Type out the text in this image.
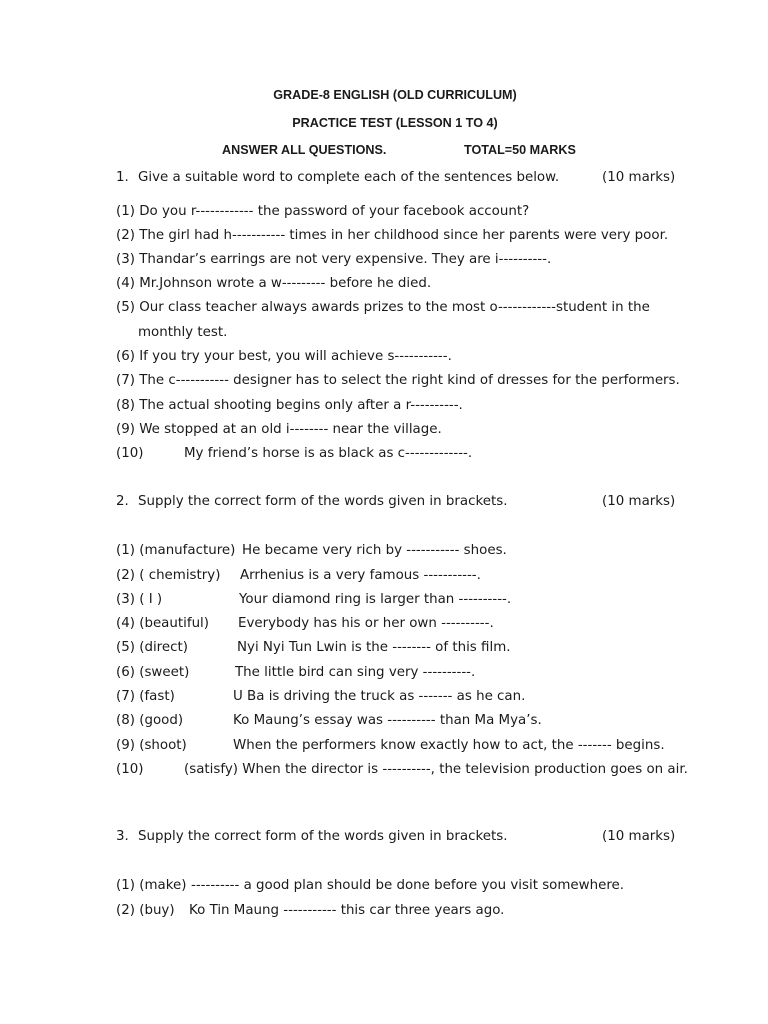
GRADE-8 ENGLISH (OLD CURRICULUM)
PRACTICE TEST (LESSON 1 TO 4)
ANSWER ALL QUESTIONS.	TOTAL=50 MARKS
1. Give a suitable word to complete each of the sentences below.	(10 marks)
(1) Do you r------------ the password of your facebook account?
(2) The girl had h----------- times in her childhood since her parents were very poor.
(3) Thandar’s earrings are not very expensive. They are i----------.
(4) Mr.Johnson wrote a w--------- before he died.
(5) Our class teacher always awards prizes to the most o------------student in the
monthly test.
(6) If you try your best, you will achieve s-----------.
(7) The c----------- designer has to select the right kind of dresses for the performers.
(8) The actual shooting begins only after a r----------.
(9) We stopped at an old i-------- near the village.
(10)	My friend’s horse is as black as c-------------.
2. Supply the correct form of the words given in brackets.	(10 marks)
(1) (manufacture) He became very rich by ----------- shoes.
(2) ( chemistry) Arrhenius is a very famous -----------.
(3) ( I )	Your diamond ring is larger than ----------.
(4) (beautiful) Everybody has his or her own ----------.
(5) (direct)	Nyi Nyi Tun Lwin is the -------- of this film.
(6) (sweet)	The little bird can sing very ----------.
(7) (fast)	U Ba is driving the truck as ------- as he can.
(8) (good)	Ko Maung’s essay was ---------- than Ma Mya’s.
(9) (shoot)	When the performers know exactly how to act, the ------- begins.
(10)	(satisfy) When the director is ----------, the television production goes on air.
3. Supply the correct form of the words given in brackets.	(10 marks)
(1) (make) ---------- a good plan should be done before you visit somewhere.
(2) (buy) Ko Tin Maung ----------- this car three years ago.
